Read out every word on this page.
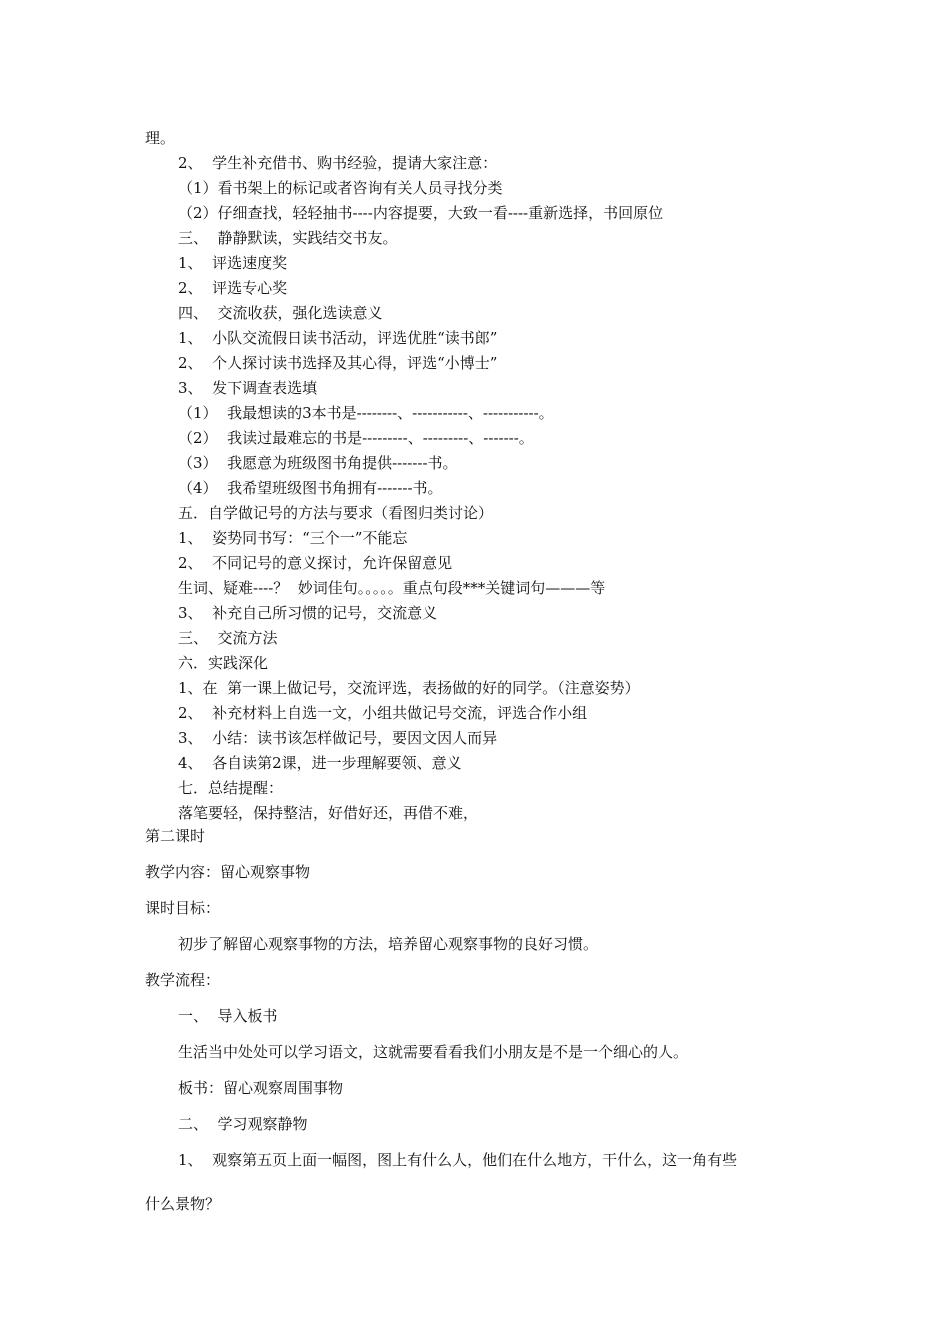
理。
2、  学生补充借书、购书经验，提请大家注意：
（1）看书架上的标记或者咨询有关人员寻找分类
（2）仔细查找，轻轻抽书----内容提要，大致一看----重新选择，书回原位
三、  静静默读，实践结交书友。
1、  评选速度奖
2、  评选专心奖
四、  交流收获，强化选读意义
1、  小队交流假日读书活动，评选优胜“读书郎”
2、  个人探讨读书选择及其心得，评选“小博士”
3、  发下调查表选填
（1）  我最想读的3本书是--------、-----------、-----------。
（2）  我读过最难忘的书是---------、---------、-------。
（3）  我愿意为班级图书角提供-------书。
（4）  我希望班级图书角拥有-------书。
五．自学做记号的方法与要求（看图归类讨论）
1、  姿势同书写：“三个一”不能忘
2、  不同记号的意义探讨，允许保留意见
生词、疑难----？  妙词佳句。。。。。重点句段***关键词句———等
3、  补充自己所习惯的记号，交流意义
三、  交流方法
六．实践深化
1、在  第一课上做记号，交流评选，表扬做的好的同学。（注意姿势）
2、  补充材料上自选一文，小组共做记号交流，评选合作小组
3、  小结：读书该怎样做记号，要因文因人而异
4、  各自读第2课，进一步理解要领、意义
七．总结提醒：
落笔要轻，保持整洁，好借好还，再借不难，
第二课时
教学内容：留心观察事物
课时目标：
初步了解留心观察事物的方法，培养留心观察事物的良好习惯。
教学流程：
一、  导入板书
生活当中处处可以学习语文，这就需要看看我们小朋友是不是一个细心的人。
板书：留心观察周围事物
二、  学习观察静物
1、  观察第五页上面一幅图，图上有什么人，他们在什么地方，干什么，这一角有些
什么景物？
